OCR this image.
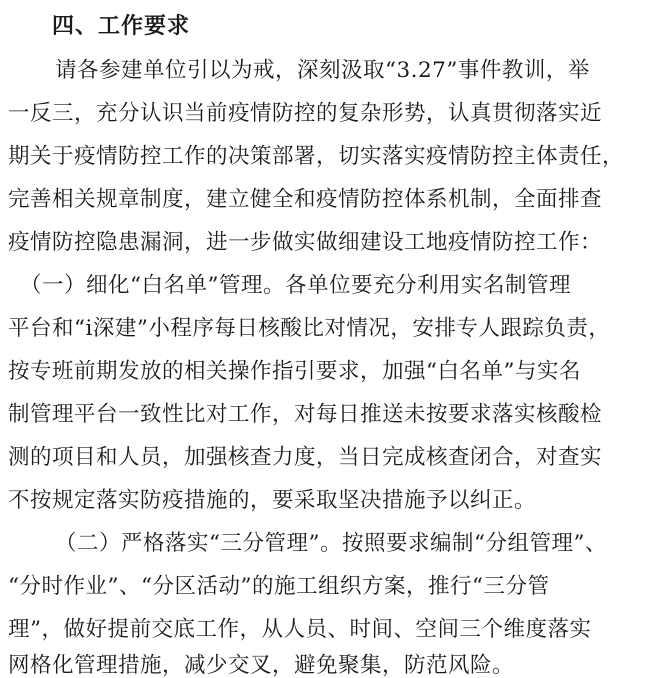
四、工作要求
请各参建单位引以为戒，深刻汲取“3.27”事件教训，举
一反三，充分认识当前疫情防控的复杂形势，认真贯彻落实近
期关于疫情防控工作的决策部署，切实落实疫情防控主体责任，
完善相关规章制度，建立健全和疫情防控体系机制，全面排查
疫情防控隐患漏洞，进一步做实做细建设工地疫情防控工作：
（一）细化“白名单”管理。各单位要充分利用实名制管理
平台和“i深建”小程序每日核酸比对情况，安排专人跟踪负责，
按专班前期发放的相关操作指引要求，加强“白名单”与实名
制管理平台一致性比对工作，对每日推送未按要求落实核酸检
测的项目和人员，加强核查力度，当日完成核查闭合，对查实
不按规定落实防疫措施的，要采取坚决措施予以纠正。
（二）严格落实“三分管理”。按照要求编制“分组管理”、
“分时作业”、“分区活动”的施工组织方案，推行“三分管
理”，做好提前交底工作，从人员、时间、空间三个维度落实
网格化管理措施，减少交叉，避免聚集，防范风险。
